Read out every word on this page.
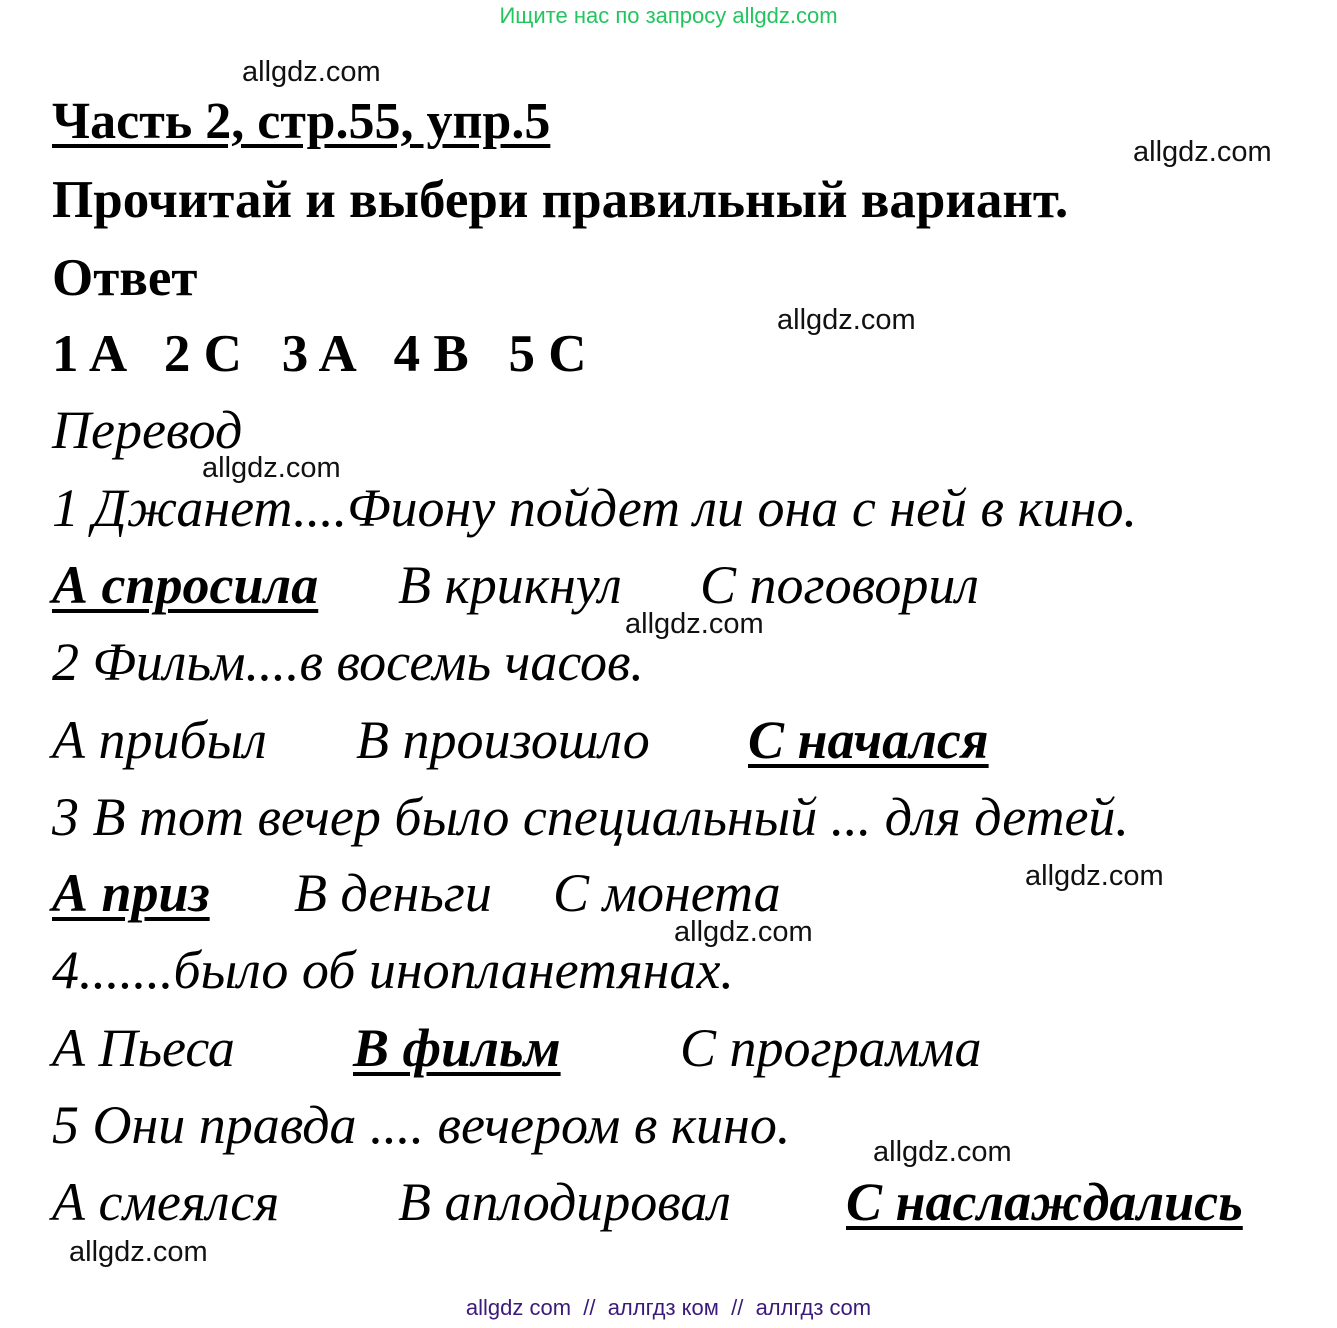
Ищите нас по запросу allgdz.com
Часть 2, стр.55, упр.5
Прочитай и выбери правильный вариант.
Ответ
1 A   2 C   3 A   4 B   5 C
Перевод
1 Джанет....Фиону пойдет ли она с ней в кино.
А спросила В крикнул С поговорил
2 Фильм....в восемь часов.
А прибыл В произошло С начался
3 В тот вечер было специальный ... для детей.
А приз В деньги С монета
4.......было об инопланетянах.
А Пьеса В фильм С программа
5 Они правда .... вечером в кино.
А смеялся В аплодировал С наслаждались
allgdz.com
allgdz.com
allgdz.com
allgdz.com
allgdz.com
allgdz.com
allgdz.com
allgdz.com
allgdz.com
allgdz com  //  аллгдз ком  //  аллгдз com
